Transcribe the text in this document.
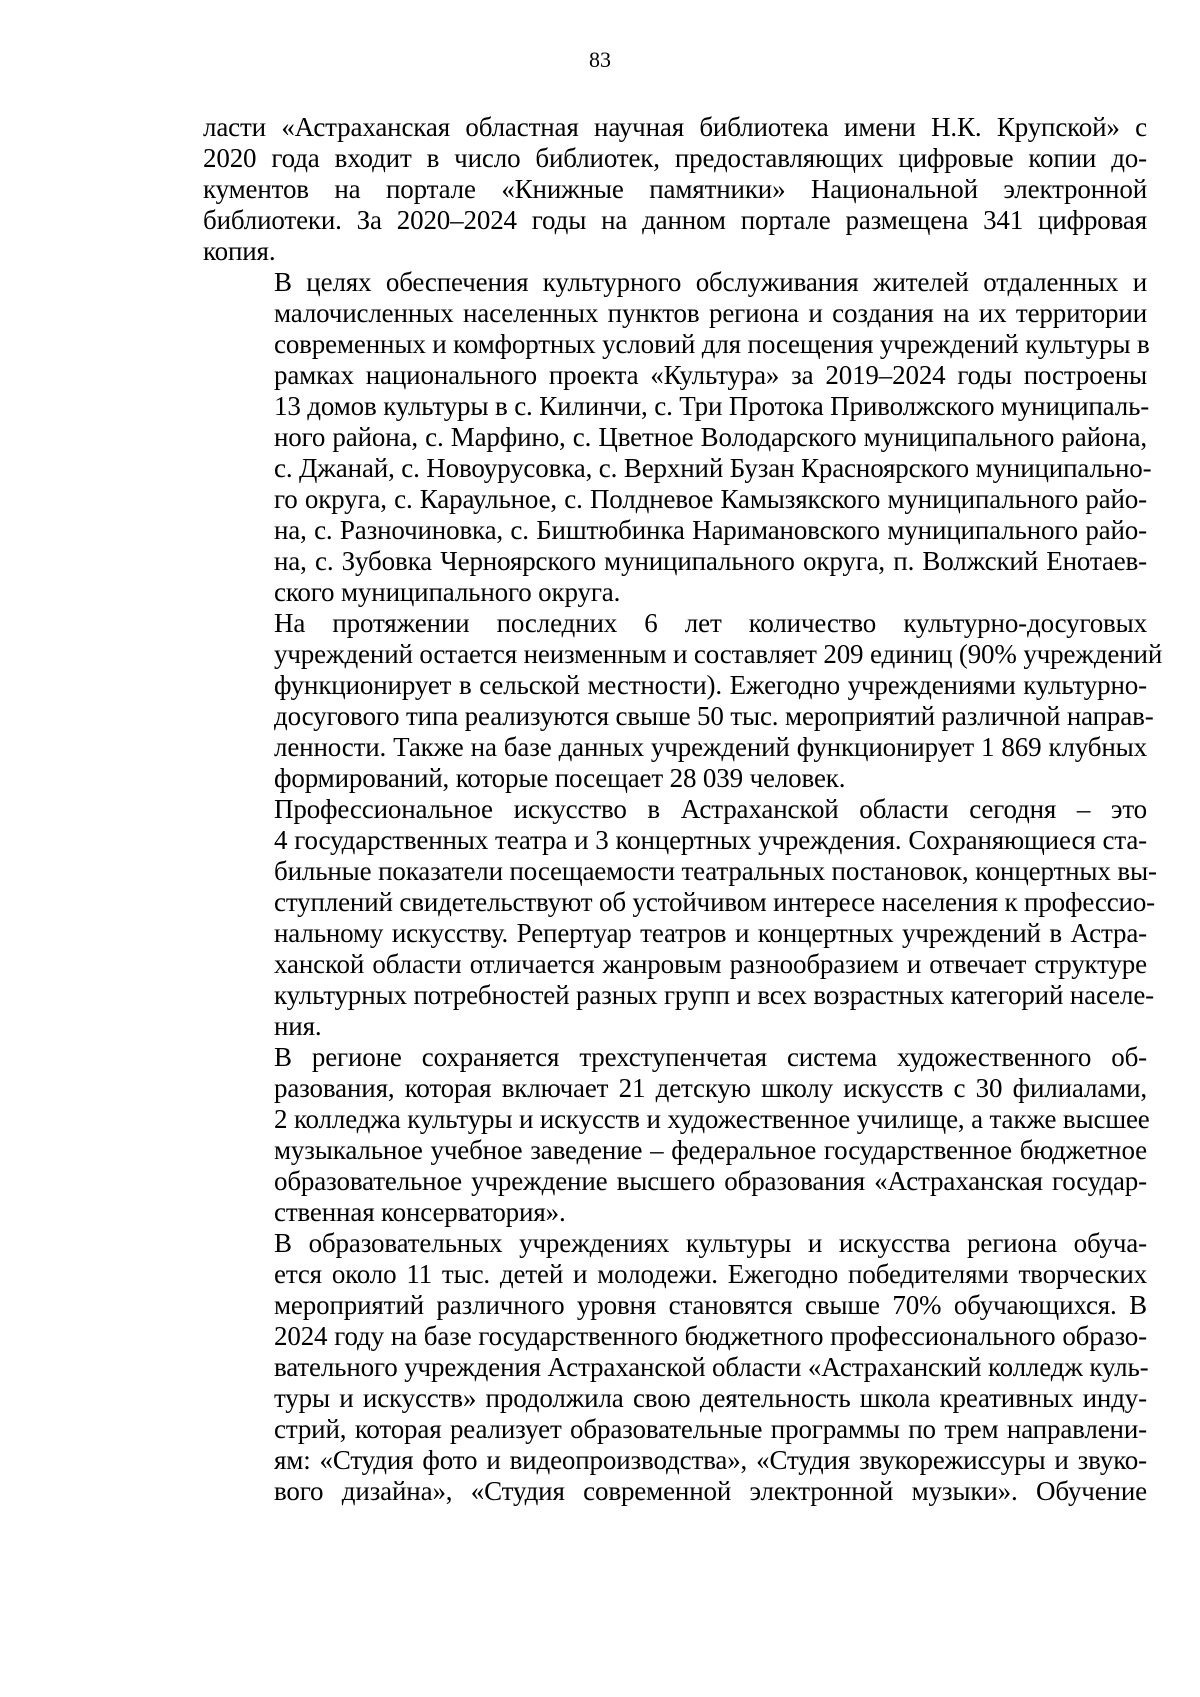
83

ласти «Астраханская областная научная библиотека имени Н.К. Крупской» с
2020 года входит в число библиотек, предоставляющих цифровые копии до-
кументов на портале «Книжные памятники» Национальной электронной
библиотеки. За 2020–2024 годы на данном портале размещена 341 цифровая
копия.

В целях обеспечения культурного обслуживания жителей отдаленных и
малочисленных населенных пунктов региона и создания на их территории
современных и комфортных условий для посещения учреждений культуры в
рамках национального проекта «Культура» за 2019–2024 годы построены
13 домов культуры в с. Килинчи, с. Три Протока Приволжского муниципаль-
ного района, с. Марфино, с. Цветное Володарского муниципального района,
с. Джанай, с. Новоурусовка, с. Верхний Бузан Красноярского муниципально-
го округа, с. Караульное, с. Полдневое Камызякского муниципального райо-
на, с. Разночиновка, с. Биштюбинка Наримановского муниципального райо-
на, с. Зубовка Черноярского муниципального округа, п. Волжский Енотаев-
ского муниципального округа.

На протяжении последних 6 лет количество культурно-досуговых
учреждений остается неизменным и составляет 209 единиц (90% учреждений
функционирует в сельской местности). Ежегодно учреждениями культурно-
досугового типа реализуются свыше 50 тыс. мероприятий различной направ-
ленности. Также на базе данных учреждений функционирует 1 869 клубных
формирований, которые посещает 28 039 человек.

Профессиональное искусство в Астраханской области сегодня – это
4 государственных театра и 3 концертных учреждения. Сохраняющиеся ста-
бильные показатели посещаемости театральных постановок, концертных вы-
ступлений свидетельствуют об устойчивом интересе населения к профессио-
нальному искусству. Репертуар театров и концертных учреждений в Астра-
ханской области отличается жанровым разнообразием и отвечает структуре
культурных потребностей разных групп и всех возрастных категорий населе-
ния.

В регионе сохраняется трехступенчетая система художественного об-
разования, которая включает 21 детскую школу искусств с 30 филиалами,
2 колледжа культуры и искусств и художественное училище, а также высшее
музыкальное учебное заведение – федеральное государственное бюджетное
образовательное учреждение высшего образования «Астраханская государ-
ственная консерватория».

В образовательных учреждениях культуры и искусства региона обуча-
ется около 11 тыс. детей и молодежи. Ежегодно победителями творческих
мероприятий различного уровня становятся свыше 70% обучающихся. В
2024 году на базе государственного бюджетного профессионального образо-
вательного учреждения Астраханской области «Астраханский колледж куль-
туры и искусств» продолжила свою деятельность школа креативных инду-
стрий, которая реализует образовательные программы по трем направлени-
ям: «Студия фото и видеопроизводства», «Студия звукорежиссуры и звуко-
вого дизайна», «Студия современной электронной музыки». Обучение
